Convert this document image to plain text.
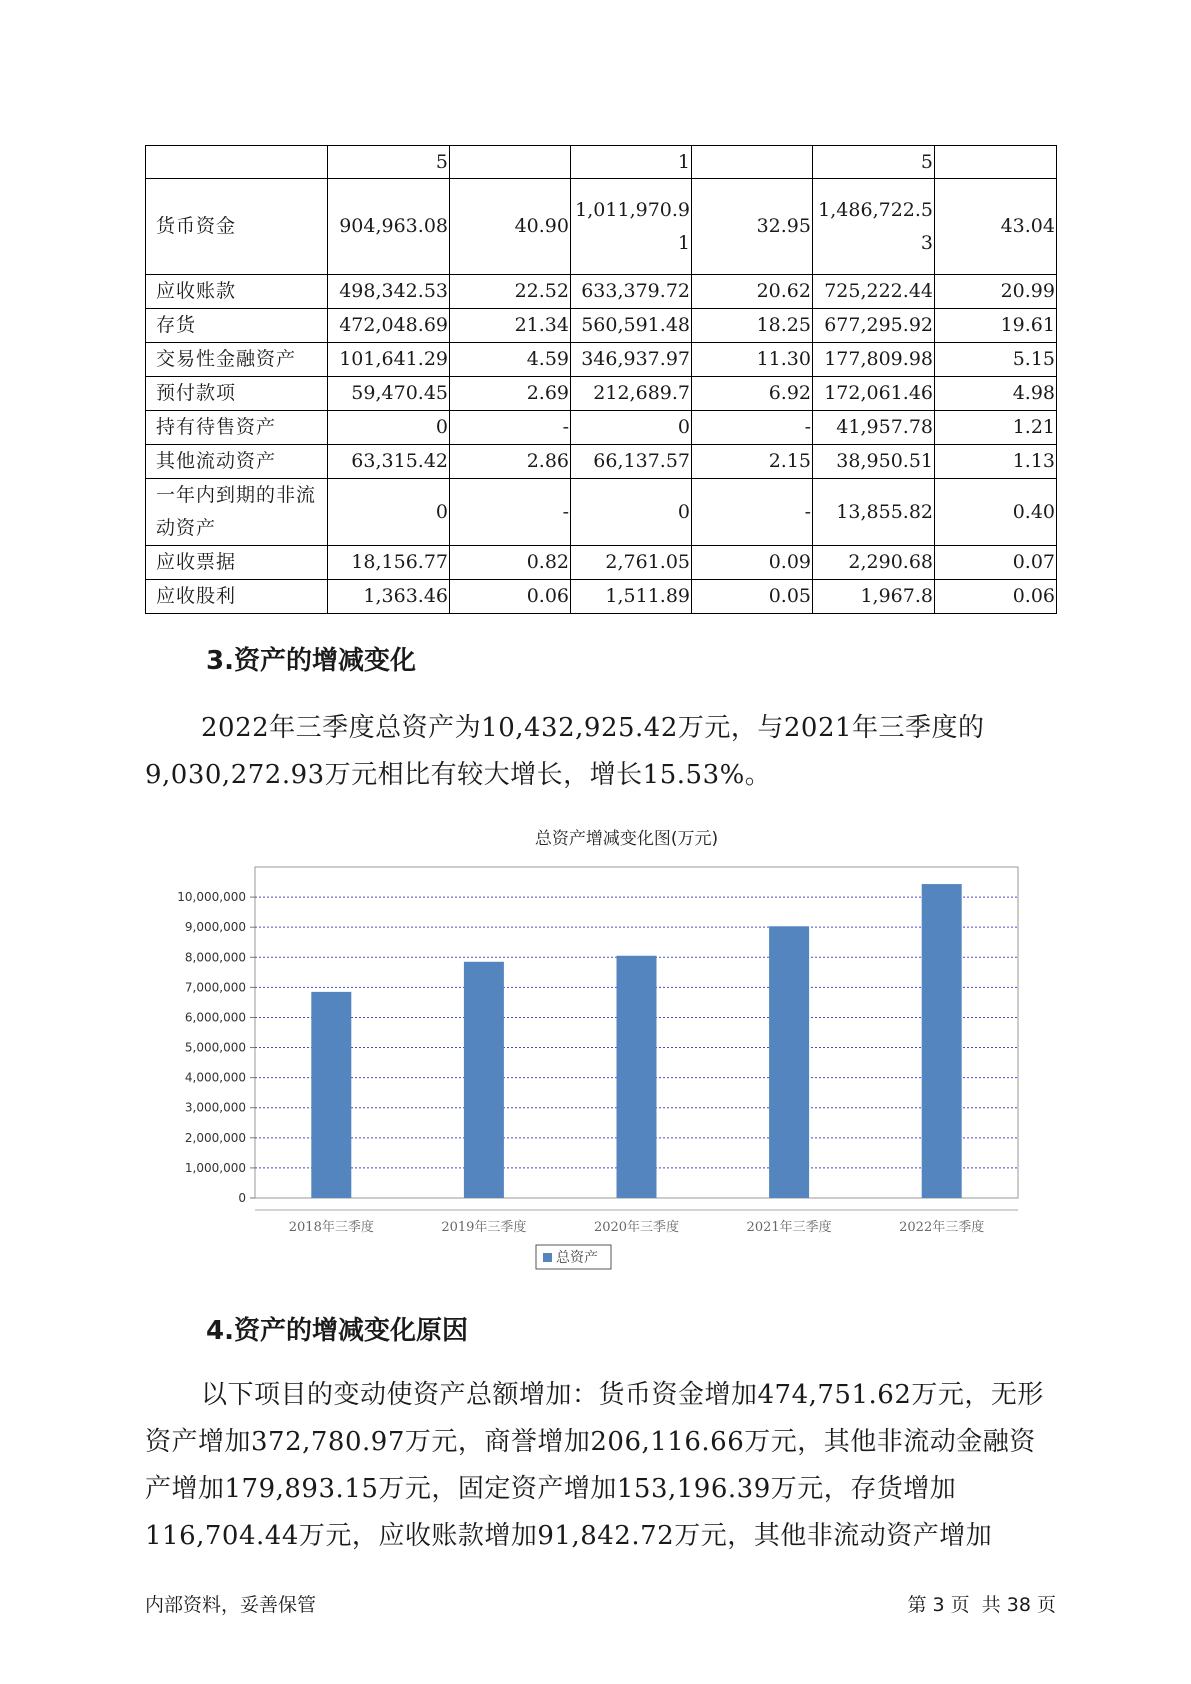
	5		1		5	
货币资金	904,963.08	40.90	1,011,970.91	32.95	1,486,722.53	43.04
应收账款	498,342.53	22.52	633,379.72	20.62	725,222.44	20.99
存货	472,048.69	21.34	560,591.48	18.25	677,295.92	19.61
交易性金融资产	101,641.29	4.59	346,937.97	11.30	177,809.98	5.15
预付款项	59,470.45	2.69	212,689.7	6.92	172,061.46	4.98
持有待售资产	0	-	0	-	41,957.78	1.21
其他流动资产	63,315.42	2.86	66,137.57	2.15	38,950.51	1.13
一年内到期的非流动资产	0	-	0	-	13,855.82	0.40
应收票据	18,156.77	0.82	2,761.05	0.09	2,290.68	0.07
应收股利	1,363.46	0.06	1,511.89	0.05	1,967.8	0.06
3.资产的增减变化

2022年三季度总资产为10,432,925.42万元，与2021年三季度的9,030,272.93万元相比有较大增长，增长15.53%。

总资产增减变化图(万元)
0
1,000,000
2,000,000
3,000,000
4,000,000
5,000,000
6,000,000
7,000,000
8,000,000
9,000,000
10,000,000
2018年三季度	2019年三季度	2020年三季度	2021年三季度	2022年三季度
总资产
4.资产的增减变化原因

以下项目的变动使资产总额增加：货币资金增加474,751.62万元，无形资产增加372,780.97万元，商誉增加206,116.66万元，其他非流动金融资产增加179,893.15万元，固定资产增加153,196.39万元，存货增加116,704.44万元，应收账款增加91,842.72万元，其他非流动资产增加

内部资料，妥善保管	第 3 页  共 38 页
